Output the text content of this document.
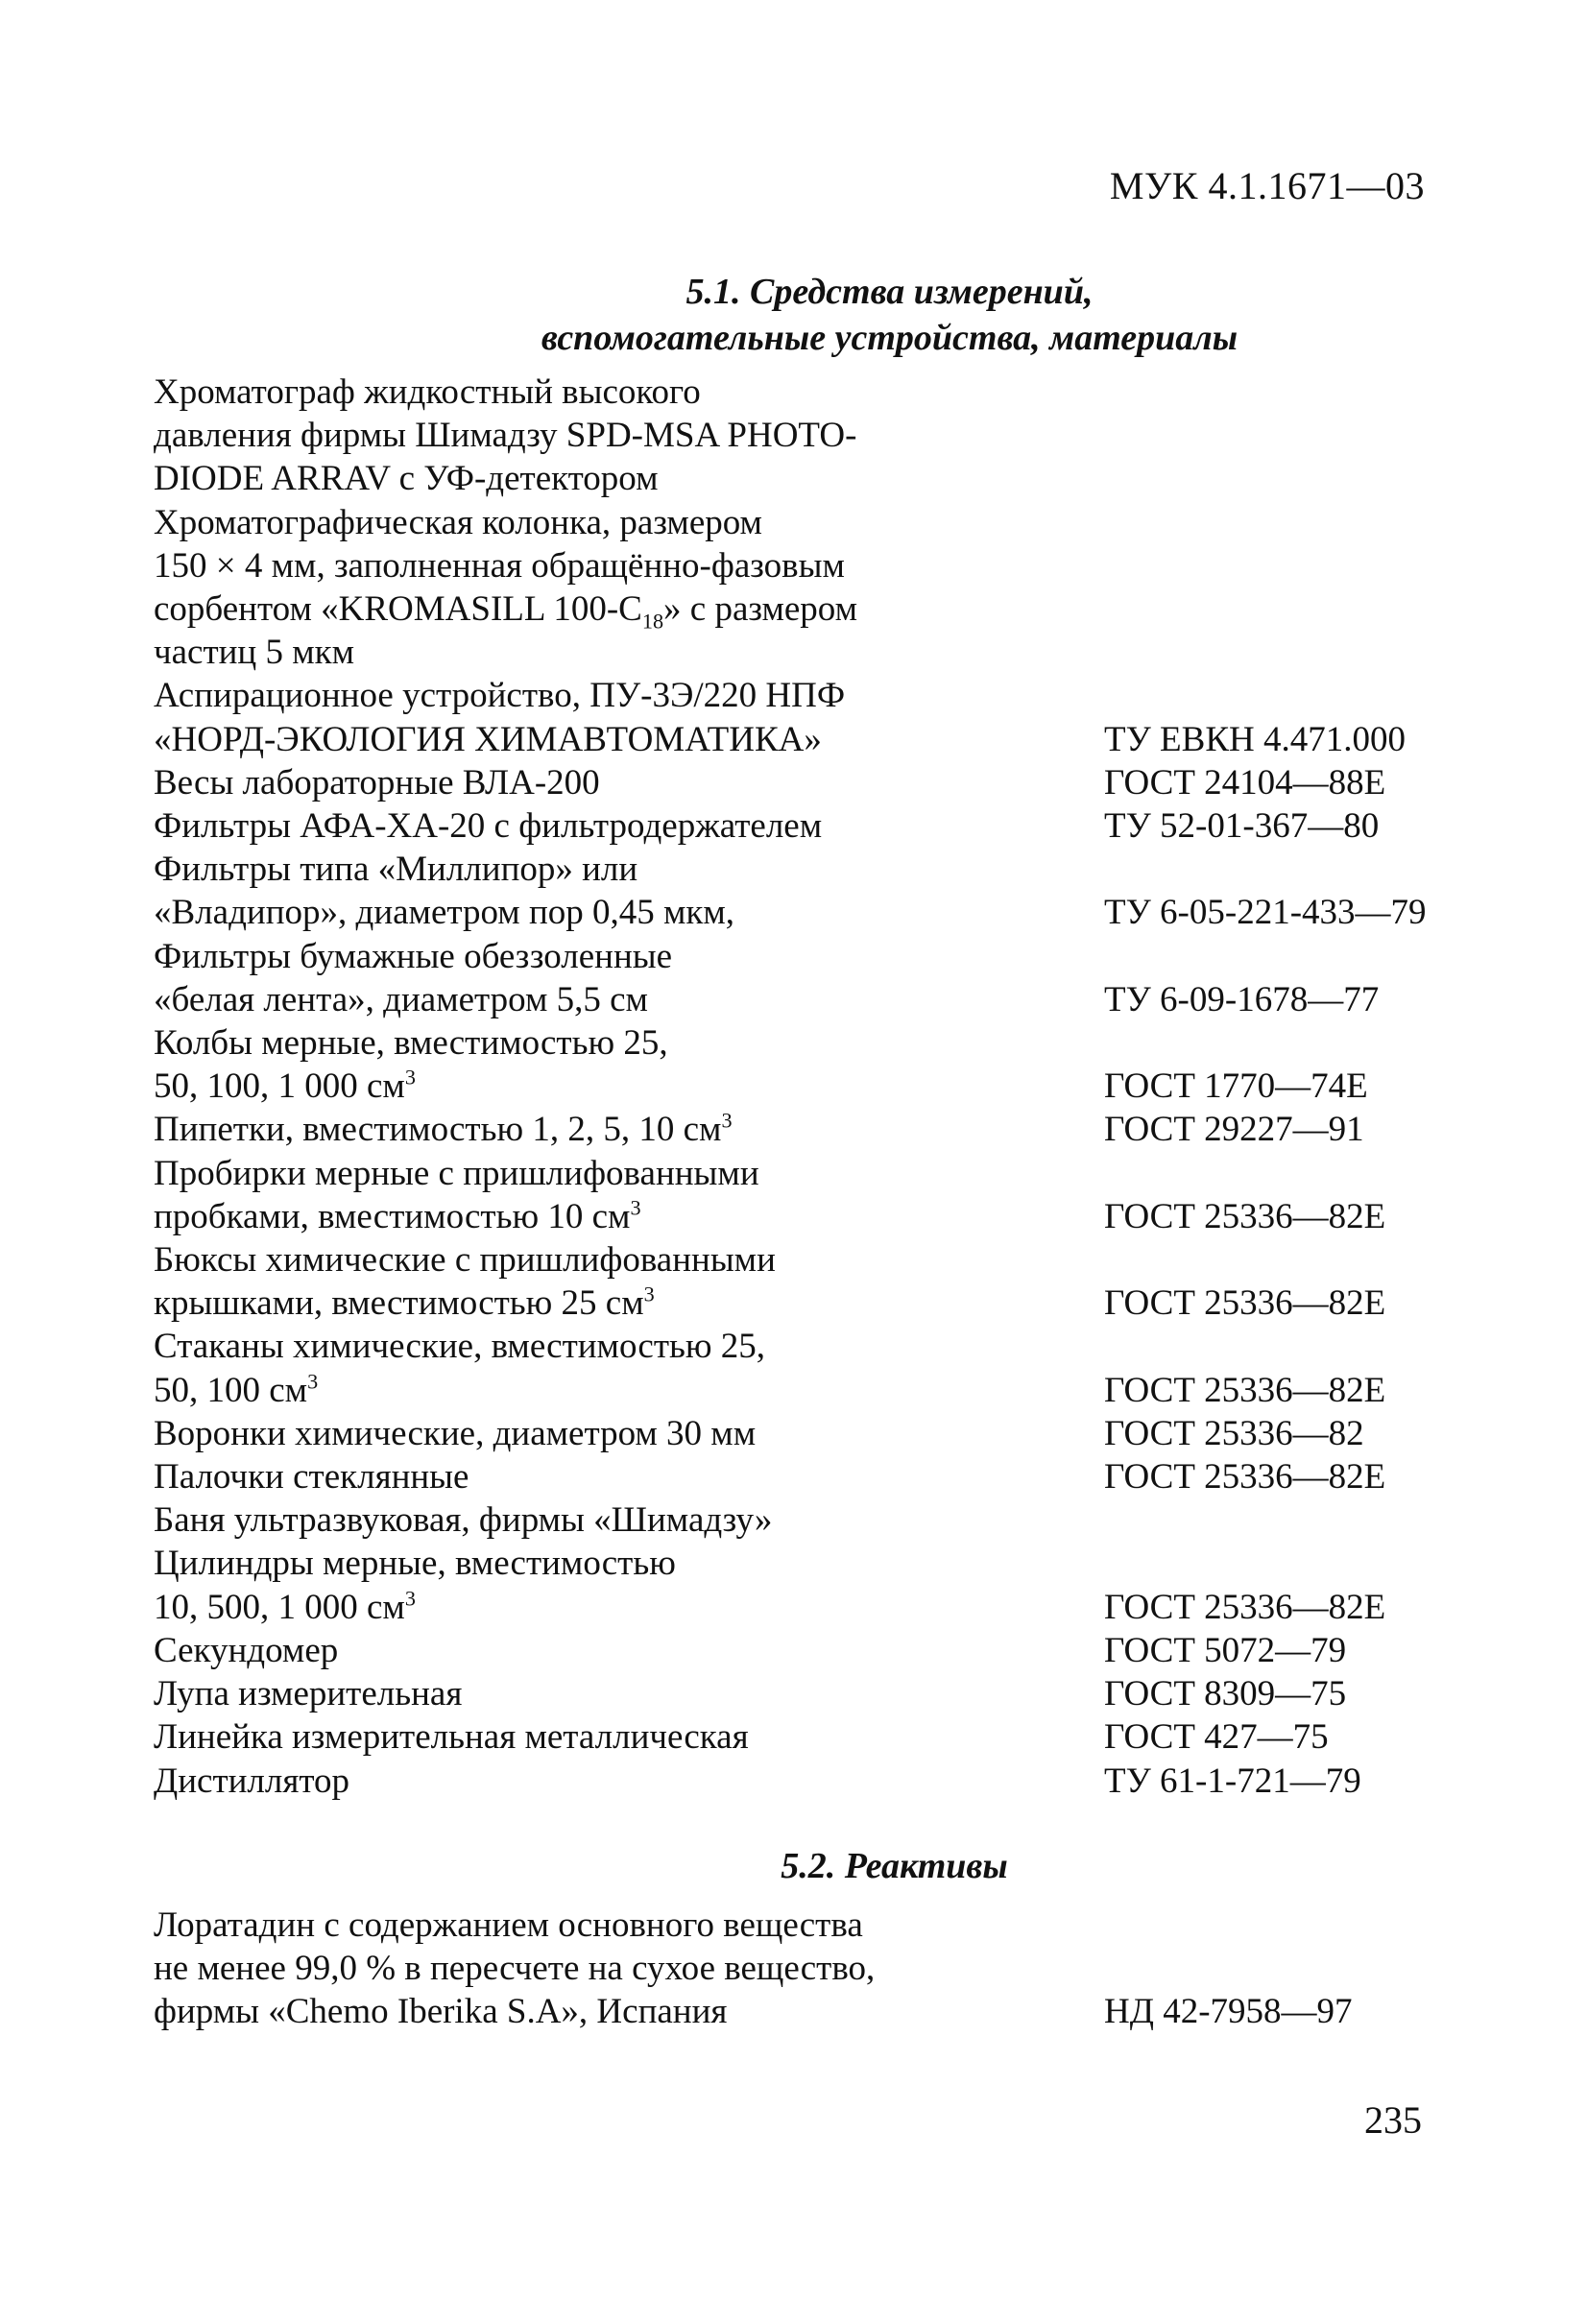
МУК 4.1.1671—03
5.1. Средства измерений,
вспомогательные устройства, материалы
Хроматограф жидкостный высокого
давления фирмы Шимадзу SPD-MSA PHOTO-
DIODE ARRAV с УФ-детектором
Хроматографическая колонка, размером
150 × 4 мм, заполненная обращённо-фазовым
сорбентом «KROMASILL $100-C_{18}$» с размером
частиц 5 мкм
Аспирационное устройство, ПУ-3Э/220 НПФ
«НОРД-ЭКОЛОГИЯ ХИМАВТОМАТИКА»	ТУ ЕВКН 4.471.000
Весы лабораторные ВЛА-200	ГОСТ 24104—88Е
Фильтры АФА-ХА-20 с фильтродержателем	ТУ 52-01-367—80
Фильтры типа «Миллипор» или
«Владипор», диаметром пор 0,45 мкм,	ТУ 6-05-221-433—79
Фильтры бумажные обеззоленные
«белая лента», диаметром 5,5 см	ТУ 6-09-1678—77
Колбы мерные, вместимостью 25,
50, 100, 1 000 $см^3$	ГОСТ 1770—74Е
Пипетки, вместимостью 1, 2, 5, 10 $см^3$	ГОСТ 29227—91
Пробирки мерные с пришлифованными
пробками, вместимостью 10 $см^3$	ГОСТ 25336—82Е
Бюксы химические с пришлифованными
крышками, вместимостью 25 $см^3$	ГОСТ 25336—82Е
Стаканы химические, вместимостью 25,
50, 100 $см^3$	ГОСТ 25336—82Е
Воронки химические, диаметром 30 мм	ГОСТ 25336—82
Палочки стеклянные	ГОСТ 25336—82Е
Баня ультразвуковая, фирмы «Шимадзу»
Цилиндры мерные, вместимостью
10, 500, 1 000 $см^3$	ГОСТ 25336—82Е
Секундомер	ГОСТ 5072—79
Лупа измерительная	ГОСТ 8309—75
Линейка измерительная металлическая	ГОСТ 427—75
Дистиллятор	ТУ 61-1-721—79
5.2. Реактивы
Лоратадин с содержанием основного вещества
не менее 99,0 % в пересчете на сухое вещество,
фирмы «Chemo Iberika S.A», Испания	НД 42-7958—97
235
